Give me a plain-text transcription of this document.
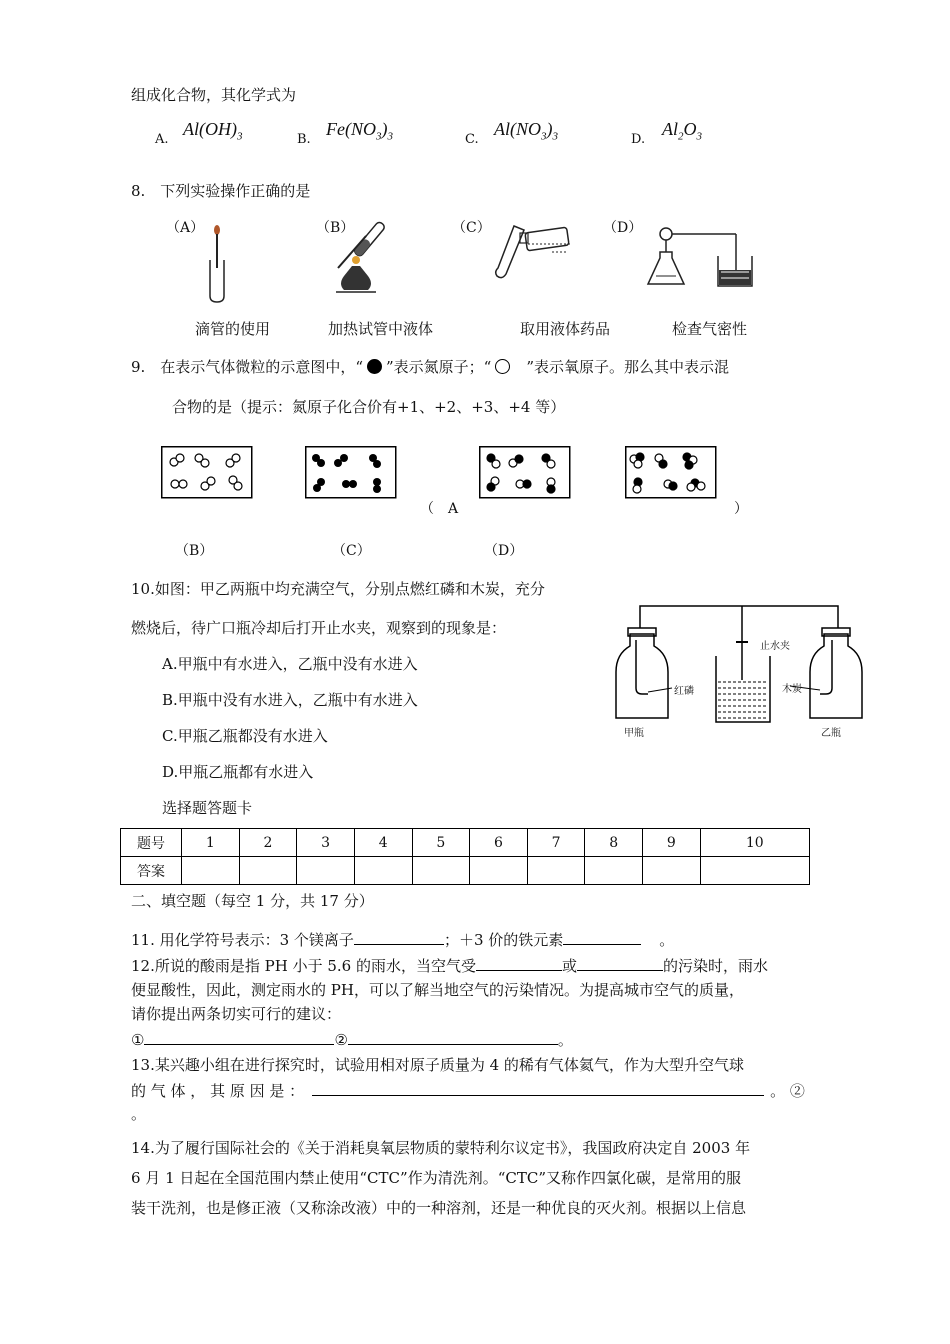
组成化合物，其化学式为
A.
$Al(OH)_3$	B.
$Fe(NO_3)_3$	C.
$Al(NO_3)_3$	D.
$Al_2O_3$
8.　下列实验操作正确的是
（A）	（B）	（C）	（D）
滴管的使用	加热试管中液体	取用液体药品	检查气密性
9.　在表示气体微粒的示意图中，“ ”表示氮原子；“ ”表示氧原子。那么其中表示混
合物的是（提示：氮原子化合价有+1、+2、+3、+4 等）
（　A	）
（B）	（C）	（D）
10.如图：甲乙两瓶中均充满空气，分别点燃红磷和木炭，充分
燃烧后，待广口瓶冷却后打开止水夹，观察到的现象是：
A.甲瓶中有水进入，乙瓶中没有水进入
B.甲瓶中没有水进入，乙瓶中有水进入
C.甲瓶乙瓶都没有水进入
D.甲瓶乙瓶都有水进入
止水夹
红磷	木炭
甲瓶	乙瓶
选择题答题卡
题号	1	2	3	4	5	6	7	8	9	10
答案										
二、填空题（每空 1 分，共 17 分）
11. 用化学符号表示：3 个镁离子	；＋3 价的铁元素	。
12.所说的酸雨是指 PH 小于 5.6 的雨水，当空气受	或	的污染时，雨水
便显酸性，因此，测定雨水的 PH，可以了解当地空气的污染情况。为提高城市空气的质量，
请你提出两条切实可行的建议：
①	②	。
13.某兴趣小组在进行探究时，试验用相对原子质量为 4 的稀有气体氦气，作为大型升空气球
的 气 体 ， 其 原 因 是 ：	。 ②
。
14.为了履行国际社会的《关于消耗臭氧层物质的蒙特利尔议定书》，我国政府决定自 2003 年
6 月 1 日起在全国范围内禁止使用“CTC”作为清洗剂。“CTC”又称作四氯化碳，是常用的服
装干洗剂，也是修正液（又称涂改液）中的一种溶剂，还是一种优良的灭火剂。根据以上信息
